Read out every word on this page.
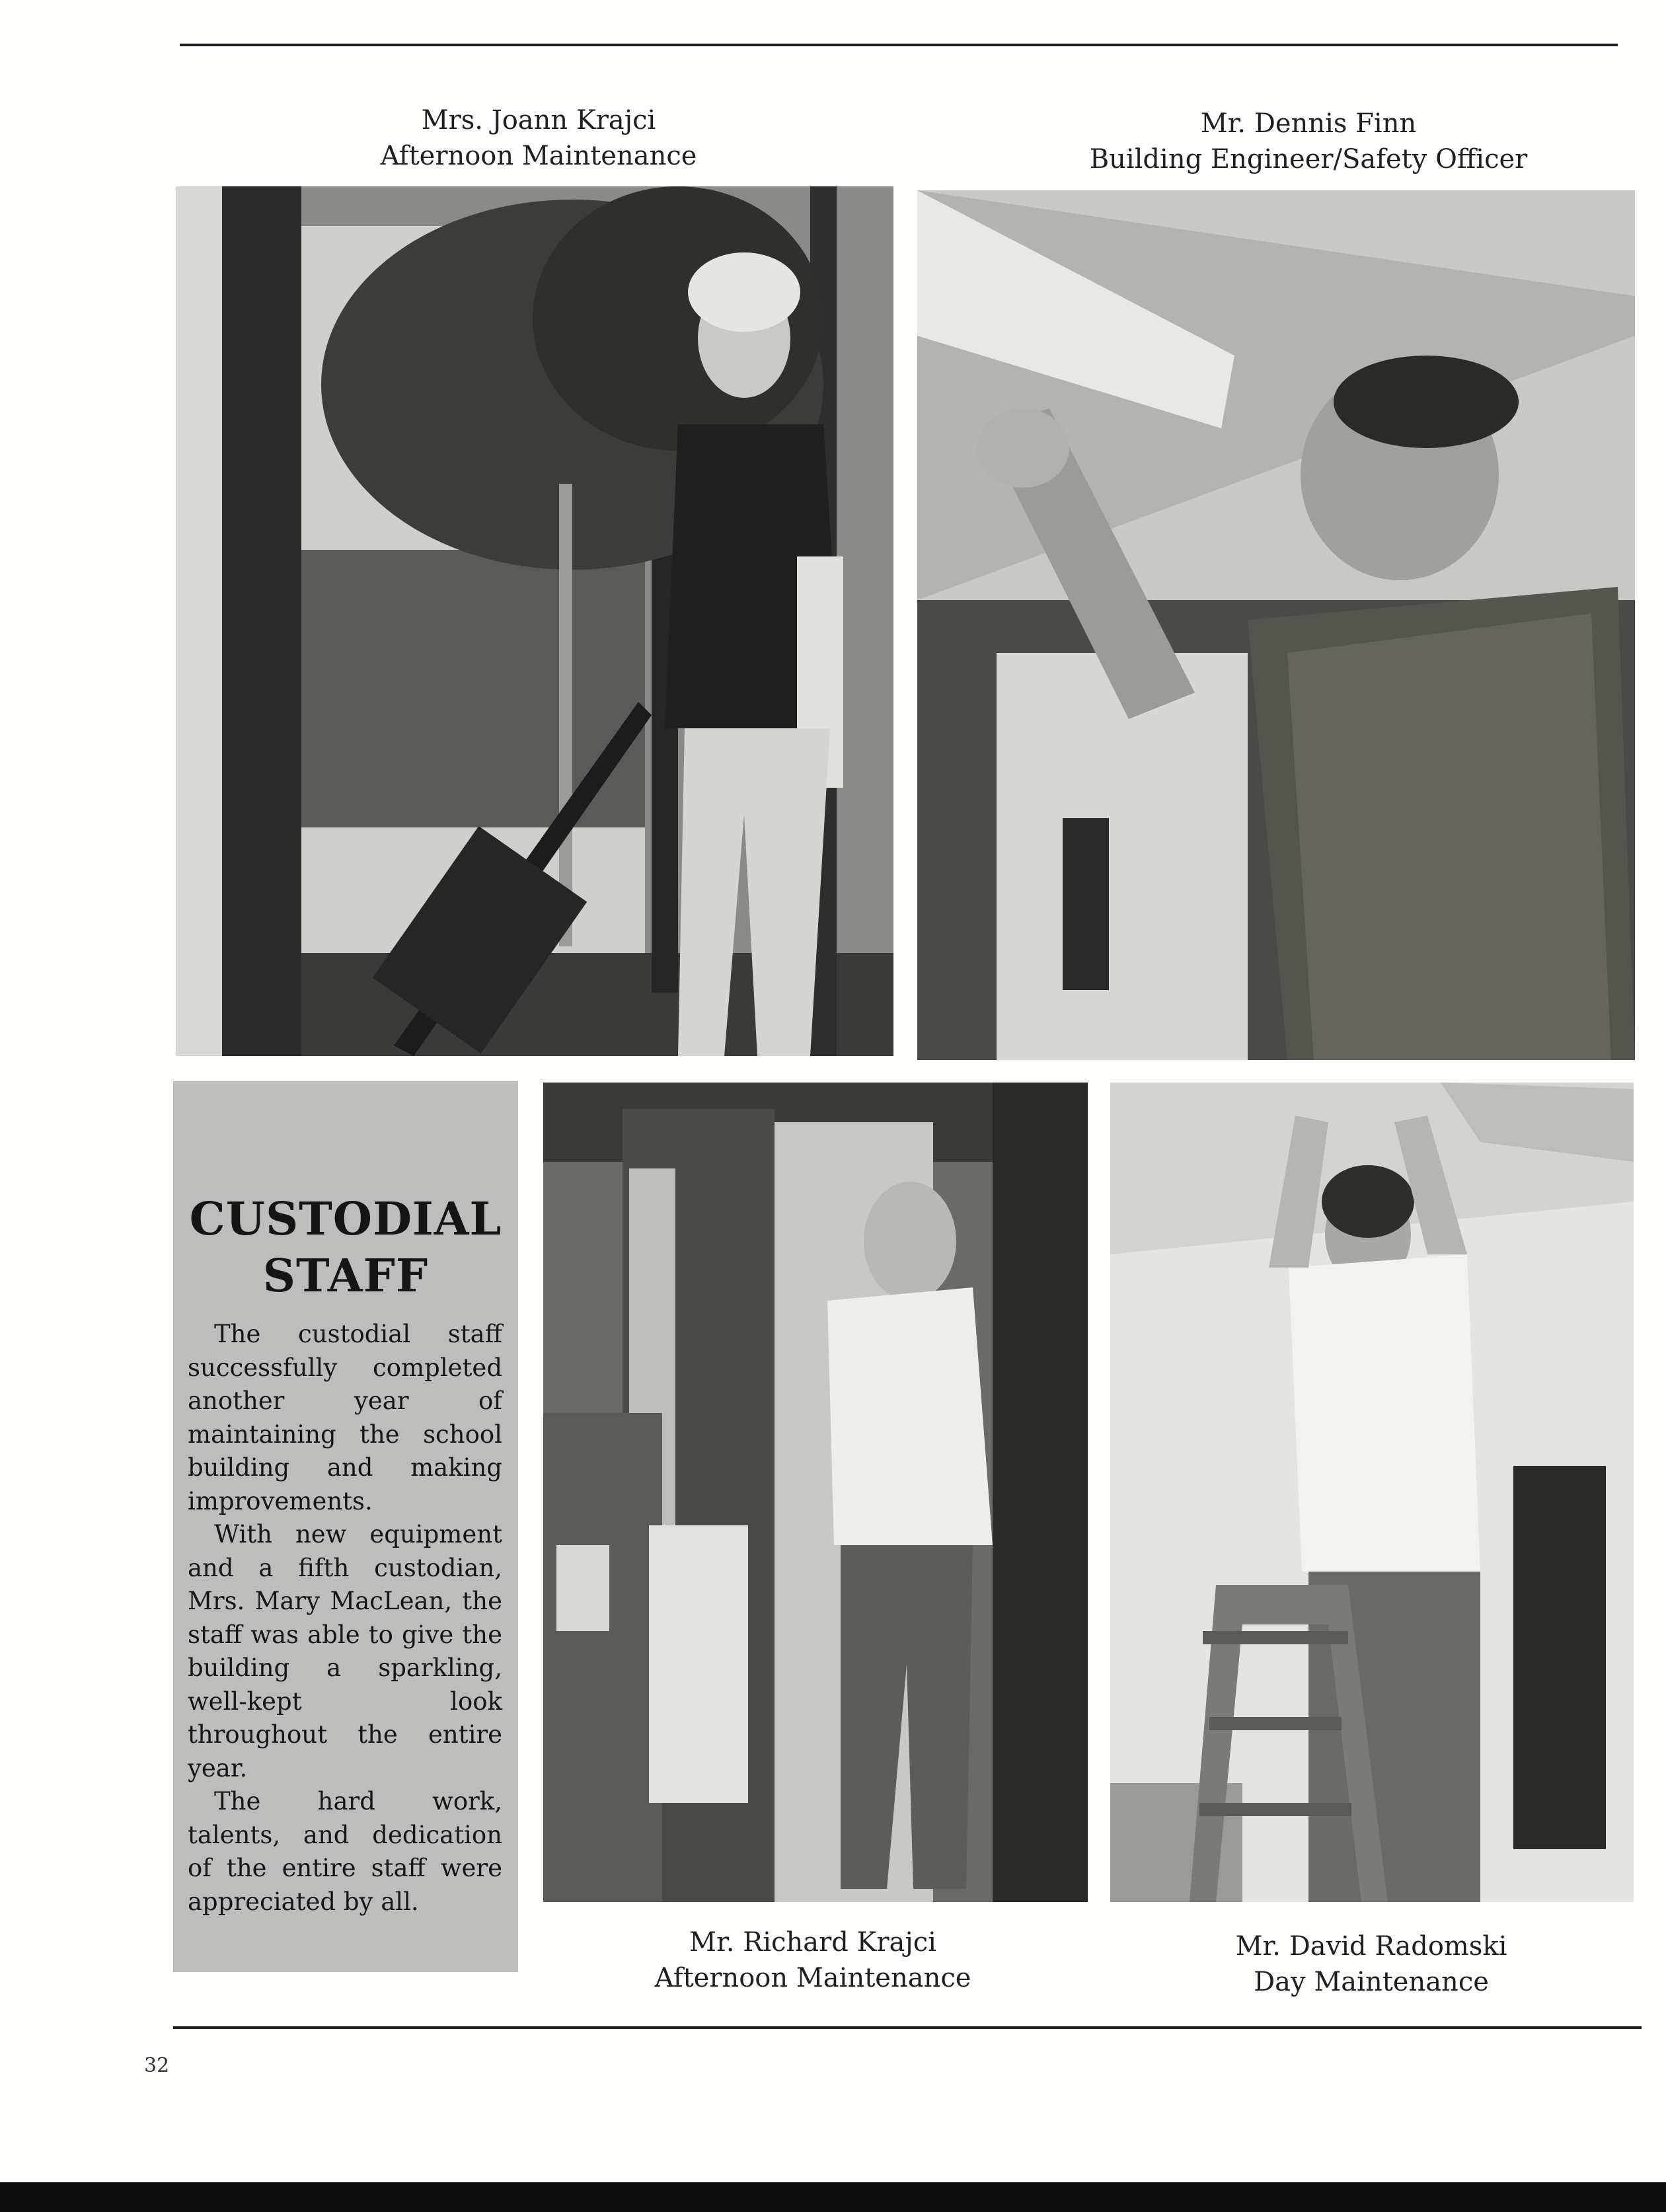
Mrs. Joann Krajci
Afternoon Maintenance
Mr. Dennis Finn
Building Engineer/Safety Officer
CUSTODIAL
STAFF

The custodial staff successfully completed another year of maintaining the school building and making improvements.

With new equipment and a fifth custodian, Mrs. Mary MacLean, the staff was able to give the building a sparkling, well-kept look throughout the entire year.

The hard work, talents, and dedication of the entire staff were appreciated by all.

Mr. Richard Krajci
Afternoon Maintenance
Mr. David Radomski
Day Maintenance
32
